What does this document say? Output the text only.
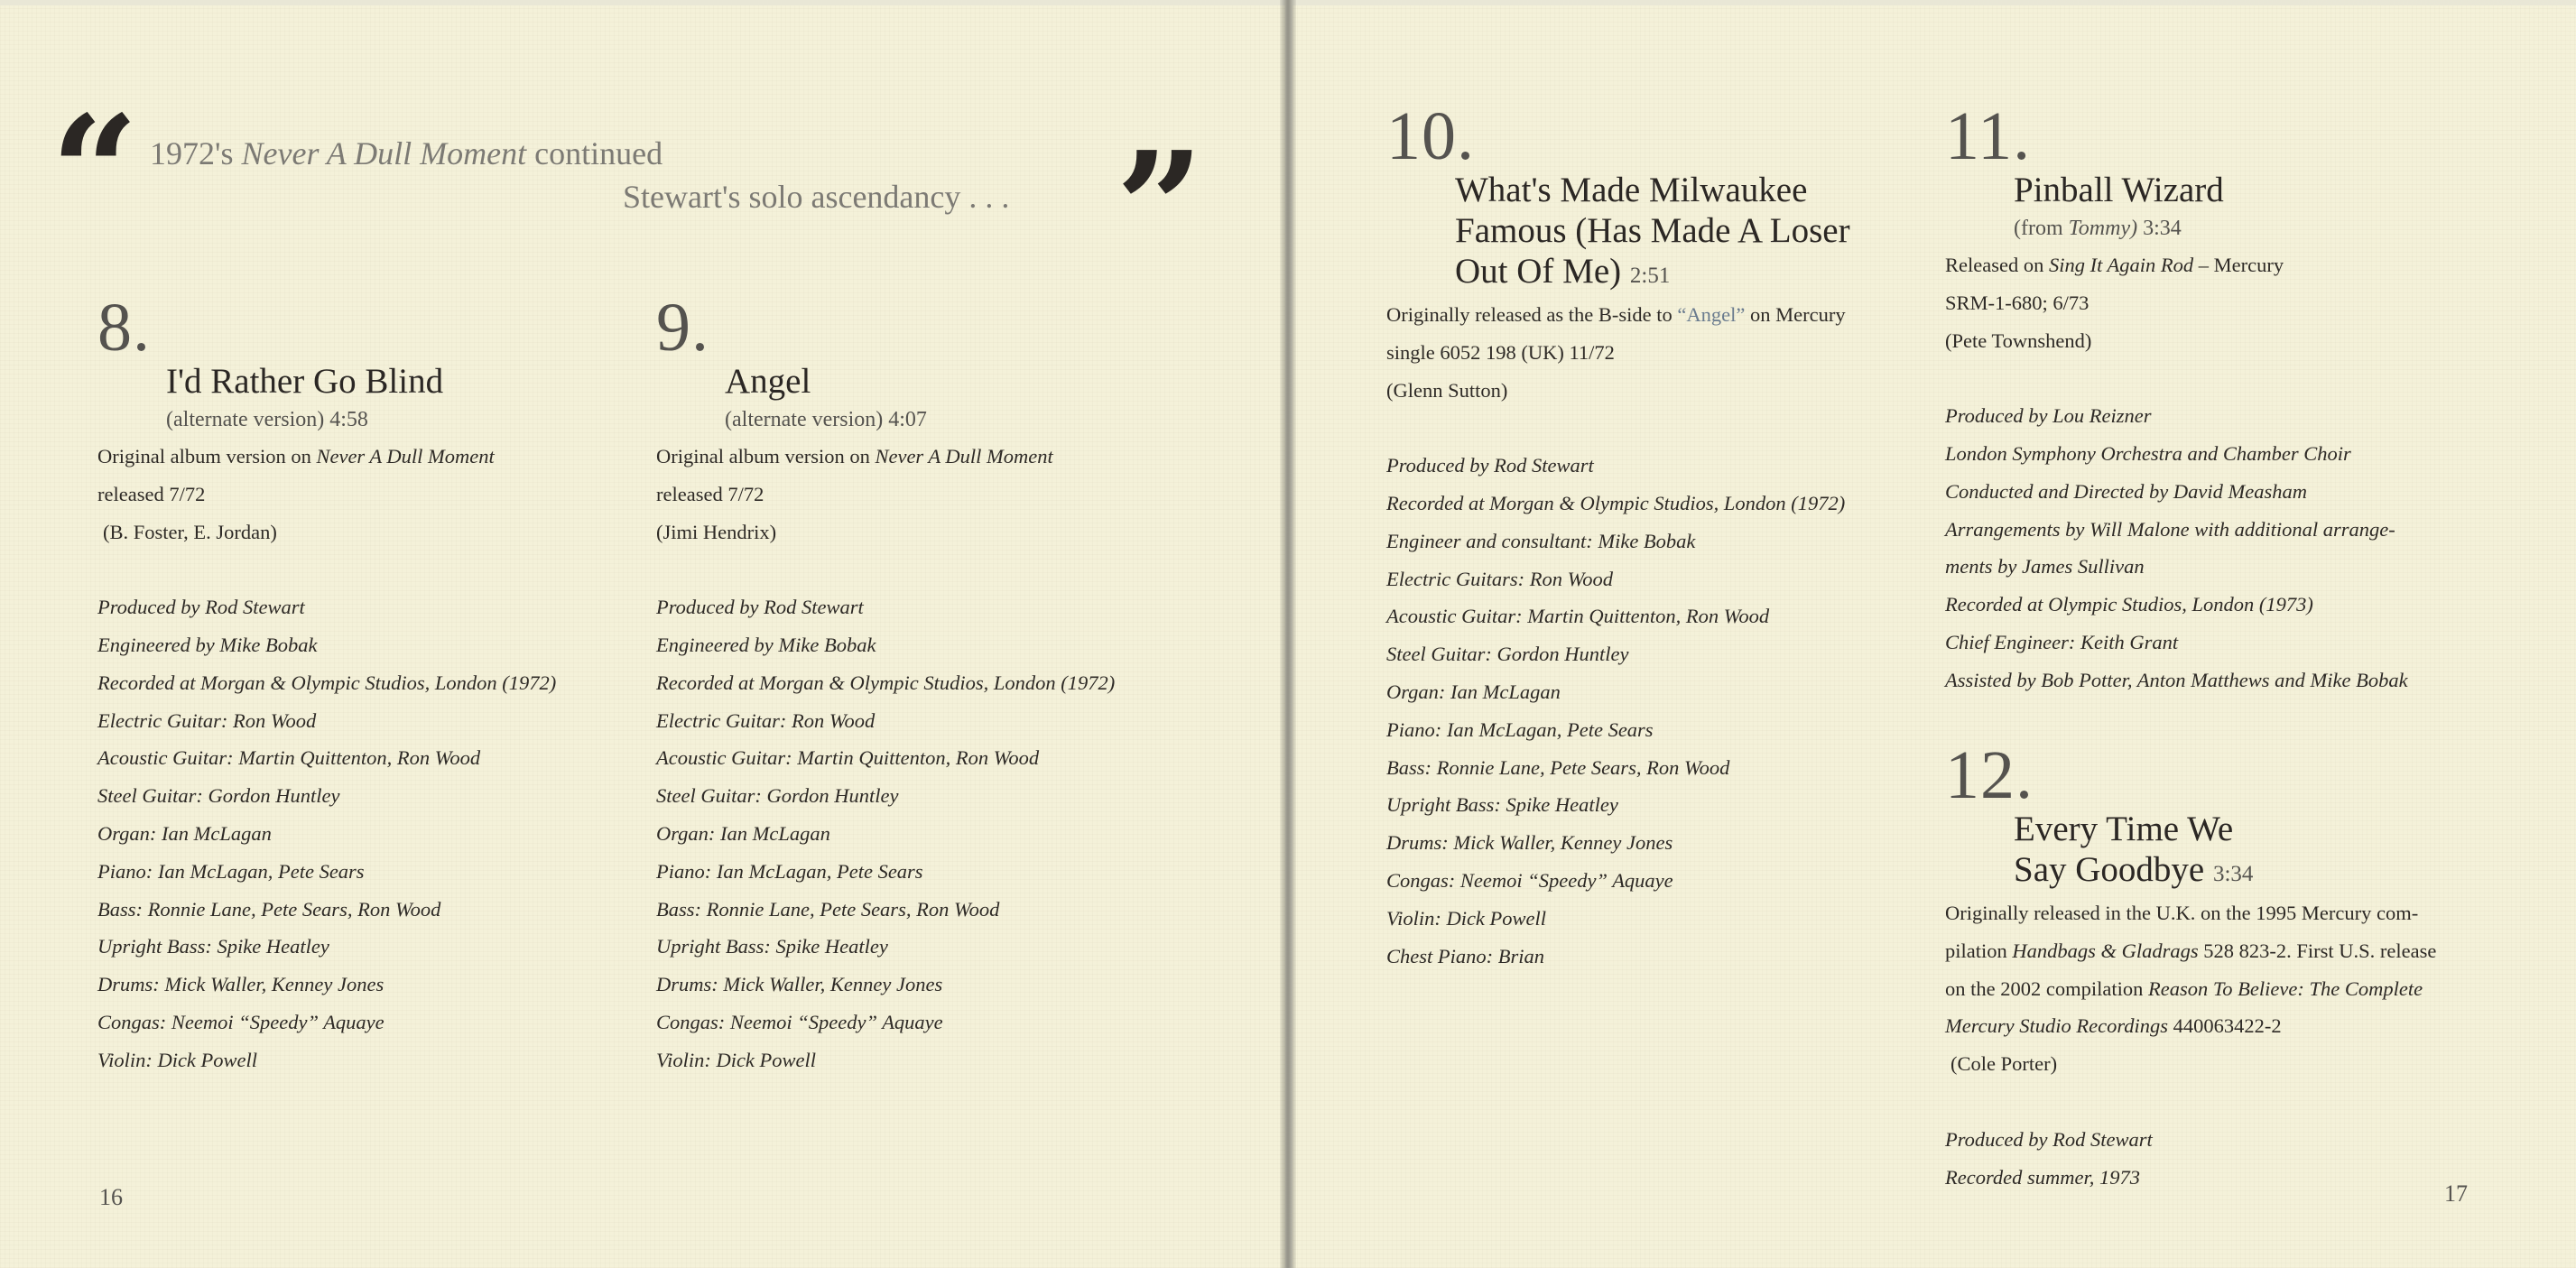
“ 1972's Never A Dull Moment continued
Stewart's solo ascendancy . . . ”
8.
I'd Rather Go Blind
(alternate version) 4:58
Original album version on Never A Dull Moment
released 7/72
(B. Foster, E. Jordan)
Produced by Rod Stewart
Engineered by Mike Bobak
Recorded at Morgan & Olympic Studios, London (1972)
Electric Guitar: Ron Wood
Acoustic Guitar: Martin Quittenton, Ron Wood
Steel Guitar: Gordon Huntley
Organ: Ian McLagan
Piano: Ian McLagan, Pete Sears
Bass: Ronnie Lane, Pete Sears, Ron Wood
Upright Bass: Spike Heatley
Drums: Mick Waller, Kenney Jones
Congas: Neemoi “Speedy” Aquaye
Violin: Dick Powell
9.
Angel
(alternate version) 4:07
Original album version on Never A Dull Moment
released 7/72
(Jimi Hendrix)
Produced by Rod Stewart
Engineered by Mike Bobak
Recorded at Morgan & Olympic Studios, London (1972)
Electric Guitar: Ron Wood
Acoustic Guitar: Martin Quittenton, Ron Wood
Steel Guitar: Gordon Huntley
Organ: Ian McLagan
Piano: Ian McLagan, Pete Sears
Bass: Ronnie Lane, Pete Sears, Ron Wood
Upright Bass: Spike Heatley
Drums: Mick Waller, Kenney Jones
Congas: Neemoi “Speedy” Aquaye
Violin: Dick Powell
16
10.
What's Made Milwaukee
Famous (Has Made A Loser
Out Of Me) 2:51
Originally released as the B-side to “Angel” on Mercury
single 6052 198 (UK) 11/72
(Glenn Sutton)
Produced by Rod Stewart
Recorded at Morgan & Olympic Studios, London (1972)
Engineer and consultant: Mike Bobak
Electric Guitars: Ron Wood
Acoustic Guitar: Martin Quittenton, Ron Wood
Steel Guitar: Gordon Huntley
Organ: Ian McLagan
Piano: Ian McLagan, Pete Sears
Bass: Ronnie Lane, Pete Sears, Ron Wood
Upright Bass: Spike Heatley
Drums: Mick Waller, Kenney Jones
Congas: Neemoi “Speedy” Aquaye
Violin: Dick Powell
Chest Piano: Brian
11.
Pinball Wizard
(from Tommy) 3:34
Released on Sing It Again Rod – Mercury
SRM-1-680; 6/73
(Pete Townshend)
Produced by Lou Reizner
London Symphony Orchestra and Chamber Choir
Conducted and Directed by David Measham
Arrangements by Will Malone with additional arrange-
ments by James Sullivan
Recorded at Olympic Studios, London (1973)
Chief Engineer: Keith Grant
Assisted by Bob Potter, Anton Matthews and Mike Bobak
12.
Every Time We
Say Goodbye 3:34
Originally released in the U.K. on the 1995 Mercury com-
pilation Handbags & Gladrags 528 823-2. First U.S. release
on the 2002 compilation Reason To Believe: The Complete
Mercury Studio Recordings 440063422-2
(Cole Porter)
Produced by Rod Stewart
Recorded summer, 1973
17
